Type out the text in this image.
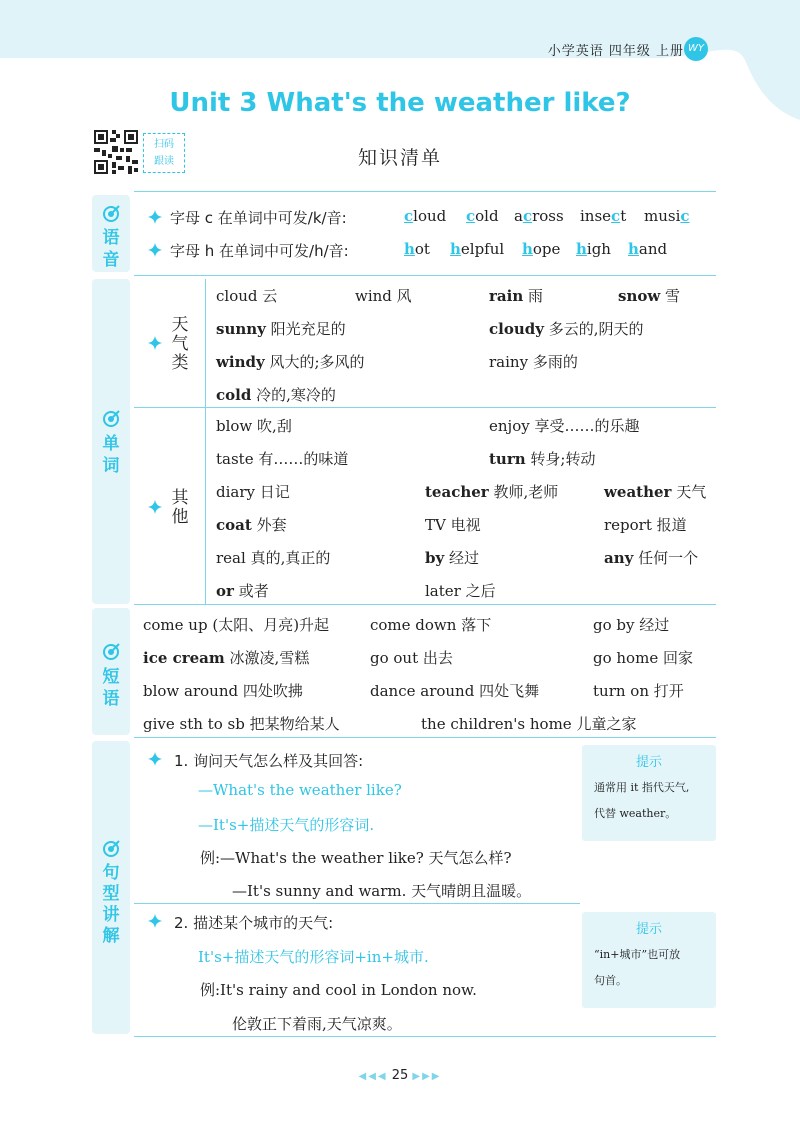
小学英语 四年级 上册 WY
Unit 3 What's the weather like?
扫码
跟读	知识清单
语音
单词
短语
句型讲解
字母 c 在单词中可发/k/音:	cloud cold across insect music
字母 h 在单词中可发/h/音:	hot helpful hope high hand
天气类
cloud 云	wind 风	rain 雨	snow 雪
sunny 阳光充足的	cloudy 多云的,阴天的
windy 风大的;多风的	rainy 多雨的
cold 冷的,寒冷的
其他
blow 吹,刮	enjoy 享受……的乐趣
taste 有……的味道	turn 转身;转动
diary 日记	teacher 教师,老师	weather 天气
coat 外套	TV 电视	report 报道
real 真的,真正的	by 经过	any 任何一个
or 或者	later 之后
come up (太阳、月亮)升起	come down 落下	go by 经过
ice cream 冰激凌,雪糕	go out 出去	go home 回家
blow around 四处吹拂	dance around 四处飞舞	turn on 打开
give sth to sb 把某物给某人	the children's home 儿童之家
1. 询问天气怎么样及其回答:
—What's the weather like?
—It's+描述天气的形容词.
例:—What's the weather like? 天气怎么样?
—It's sunny and warm. 天气晴朗且温暖。
提示
通常用 it 指代天气,
代替 weather。
2. 描述某个城市的天气:
It's+描述天气的形容词+in+城市.
例:It's rainy and cool in London now.
伦敦正下着雨,天气凉爽。
提示
“in+城市”也可放
句首。
◀◀◀ 25 ▶▶▶
